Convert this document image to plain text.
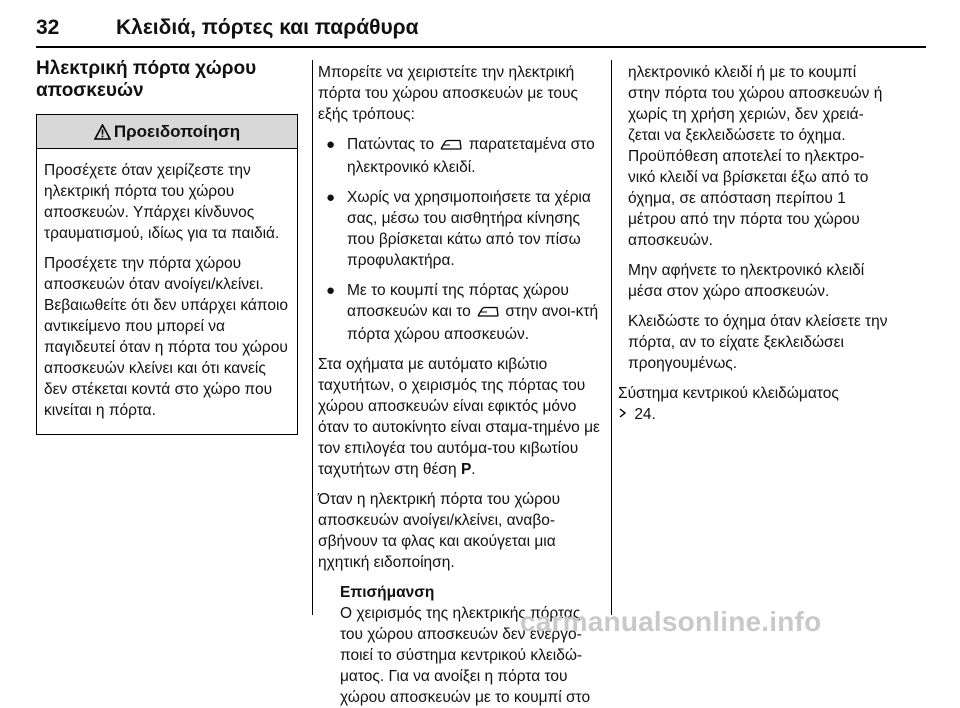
32	Κλειδιά, πόρτες και παράθυρα
Ηλεκτρική πόρτα χώρου αποσκευών
Προειδοποίηση

Προσέχετε όταν χειρίζεστε την ηλεκτρική πόρτα του χώρου αποσκευών. Υπάρχει κίνδυνος τραυματισμού, ιδίως για τα παιδιά.

Προσέχετε την πόρτα χώρου αποσκευών όταν ανοίγει/κλείνει. Βεβαιωθείτε ότι δεν υπάρχει κάποιο αντικείμενο που μπορεί να παγιδευτεί όταν η πόρτα του χώρου αποσκευών κλείνει και ότι κανείς δεν στέκεται κοντά στο χώρο που κινείται η πόρτα.

Μπορείτε να χειριστείτε την ηλεκτρική πόρτα του χώρου αποσκευών με τους εξής τρόπους:

● Πατώντας το παρατεταμένα στο ηλεκτρονικό κλειδί.
● Χωρίς να χρησιμοποιήσετε τα χέρια σας, μέσω του αισθητήρα κίνησης που βρίσκεται κάτω από τον πίσω προφυλακτήρα.
● Με το κουμπί της πόρτας χώρου αποσκευών και το στην ανοι-κτή πόρτα χώρου αποσκευών.

Στα οχήματα με αυτόματο κιβώτιο ταχυτήτων, ο χειρισμός της πόρτας του χώρου αποσκευών είναι εφικτός μόνο όταν το αυτοκίνητο είναι σταμα-τημένο με τον επιλογέα του αυτόμα-του κιβωτίου ταχυτήτων στη θέση P.

Όταν η ηλεκτρική πόρτα του χώρου αποσκευών ανοίγει/κλείνει, αναβο-σβήνουν τα φλας και ακούγεται μια ηχητική ειδοποίηση.

Επισήμανση
Ο χειρισμός της ηλεκτρικής πόρτας του χώρου αποσκευών δεν ενεργο-ποιεί το σύστημα κεντρικού κλειδώ-ματος. Για να ανοίξει η πόρτα του χώρου αποσκευών με το κουμπί στο

ηλεκτρονικό κλειδί ή με το κουμπί στην πόρτα του χώρου αποσκευών ή χωρίς τη χρήση χεριών, δεν χρειά-ζεται να ξεκλειδώσετε το όχημα. Προϋπόθεση αποτελεί το ηλεκτρο-νικό κλειδί να βρίσκεται έξω από το όχημα, σε απόσταση περίπου 1 μέτρου από την πόρτα του χώρου αποσκευών.

Μην αφήνετε το ηλεκτρονικό κλειδί μέσα στον χώρο αποσκευών.

Κλειδώστε το όχημα όταν κλείσετε την πόρτα, αν το είχατε ξεκλειδώσει προηγουμένως.

Σύστημα κεντρικού κλειδώματος
24.

carmanualsonline.info
